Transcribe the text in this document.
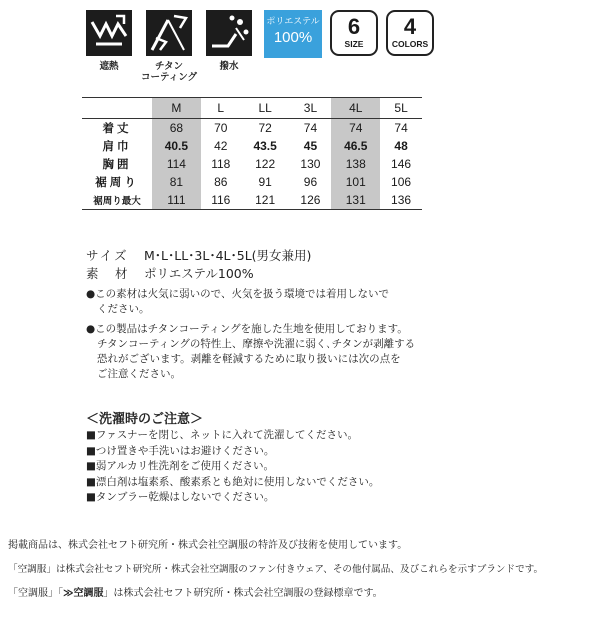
遮熱	チタン
コーティング
撥水
ポリエステル
100%	6
SIZE
4
COLORS
	M	L	LL	3L	4L	5L
着丈	68	70	72	74	74	74
肩巾	40.5	42	43.5	45	46.5	48
胸囲	114	118	122	130	138	146
裾周り	81	86	91	96	101	106
裾周り最大	111	116	121	126	131	136
サイズ M･L･LL･3L･4L･5L(男女兼用)
素　材 ポリエステル100%

●この素材は火気に弱いので、火気を扱う環境では着用しないで

ください。

●この製品はチタンコーティングを施した生地を使用しております。

チタンコーティングの特性上、摩擦や洗濯に弱く､チタンが剥離する

恐れがございます。剥離を軽減するために取り扱いには次の点を

ご注意ください。

＜洗濯時のご注意＞
■ファスナーを閉じ、ネットに入れて洗濯してください。
■つけ置きや手洗いはお避けください。
■弱アルカリ性洗剤をご使用ください。
■漂白剤は塩素系、酸素系とも絶対に使用しないでください。
■タンブラー乾燥はしないでください。
掲載商品は、株式会社セフト研究所・株式会社空調服の特許及び技術を使用しています。
「空調服」は株式会社セフト研究所・株式会社空調服のファン付きウェア、その他付属品、及びこれらを示すブランドです。
「空調服」「≫空調服」は株式会社セフト研究所・株式会社空調服の登録標章です。
